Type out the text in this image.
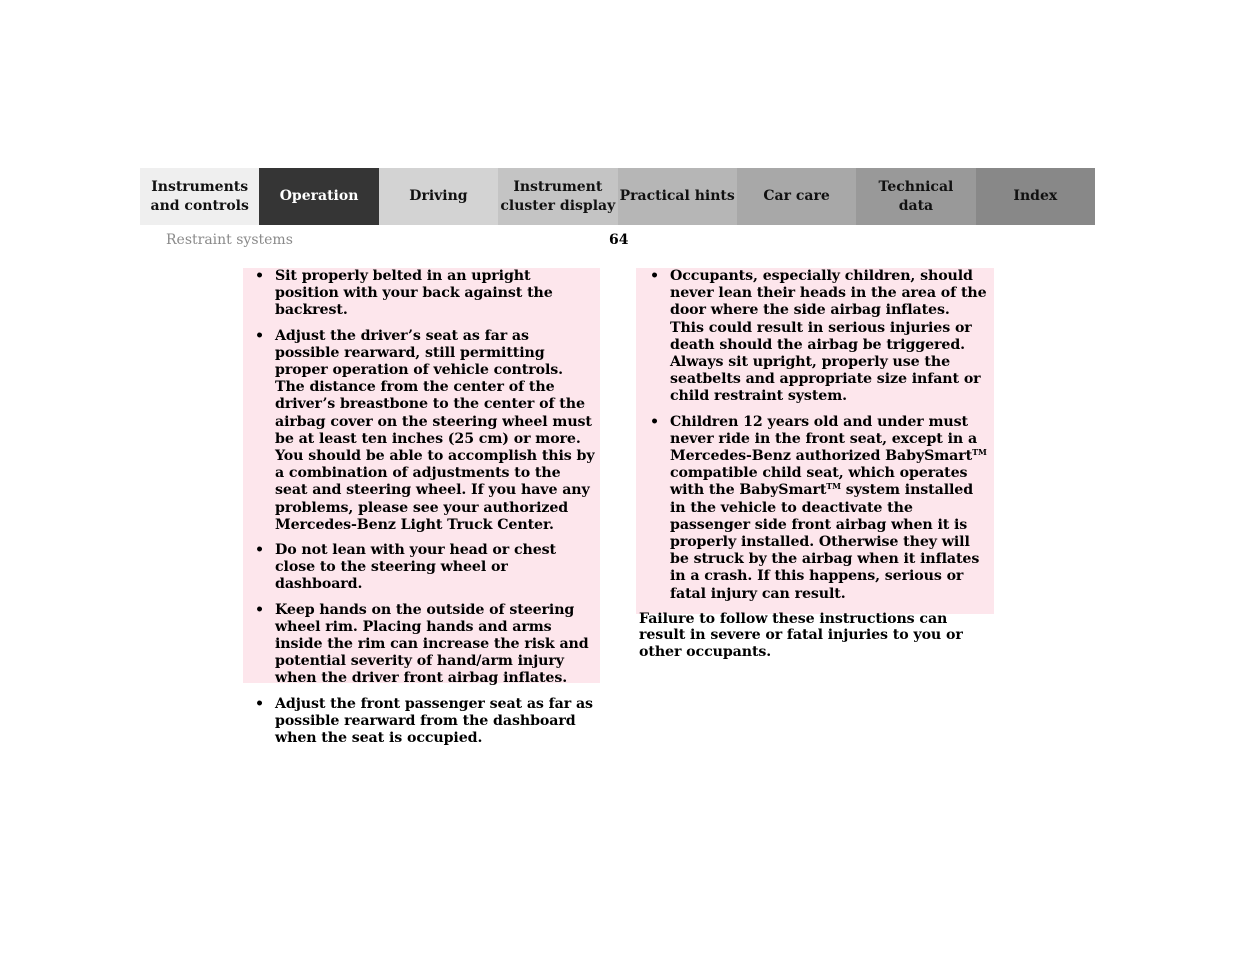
Instruments
and controls
Operation	Driving
Instrument
cluster display
Practical hints	Car care
Technical
data
Index
Restraint systems	64
• Sit properly belted in an upright position with your back against the backrest.
• Adjust the driver’s seat as far as possible rearward, still permitting proper operation of vehicle controls. The distance from the center of the driver’s breastbone to the center of the airbag cover on the steering wheel must be at least ten inches (25 cm) or more. You should be able to accomplish this by a combination of adjustments to the seat and steering wheel. If you have any problems, please see your authorized Mercedes-Benz Light Truck Center.
• Do not lean with your head or chest close to the steering wheel or dashboard.
• Keep hands on the outside of steering wheel rim. Placing hands and arms inside the rim can increase the risk and potential severity of hand/arm injury when the driver front airbag inflates.
• Adjust the front passenger seat as far as possible rearward from the dashboard when the seat is occupied.
• Occupants, especially children, should never lean their heads in the area of the door where the side airbag inflates. This could result in serious injuries or death should the airbag be triggered. Always sit upright, properly use the seatbelts and appropriate size infant or child restraint system.
• Children 12 years old and under must never ride in the front seat, except in a Mercedes-Benz authorized BabySmart™ compatible child seat, which operates with the BabySmart™ system installed in the vehicle to deactivate the passenger side front airbag when it is properly installed. Otherwise they will be struck by the airbag when it inflates in a crash. If this happens, serious or fatal injury can result.

Failure to follow these instructions can result in severe or fatal injuries to you or other occupants.
